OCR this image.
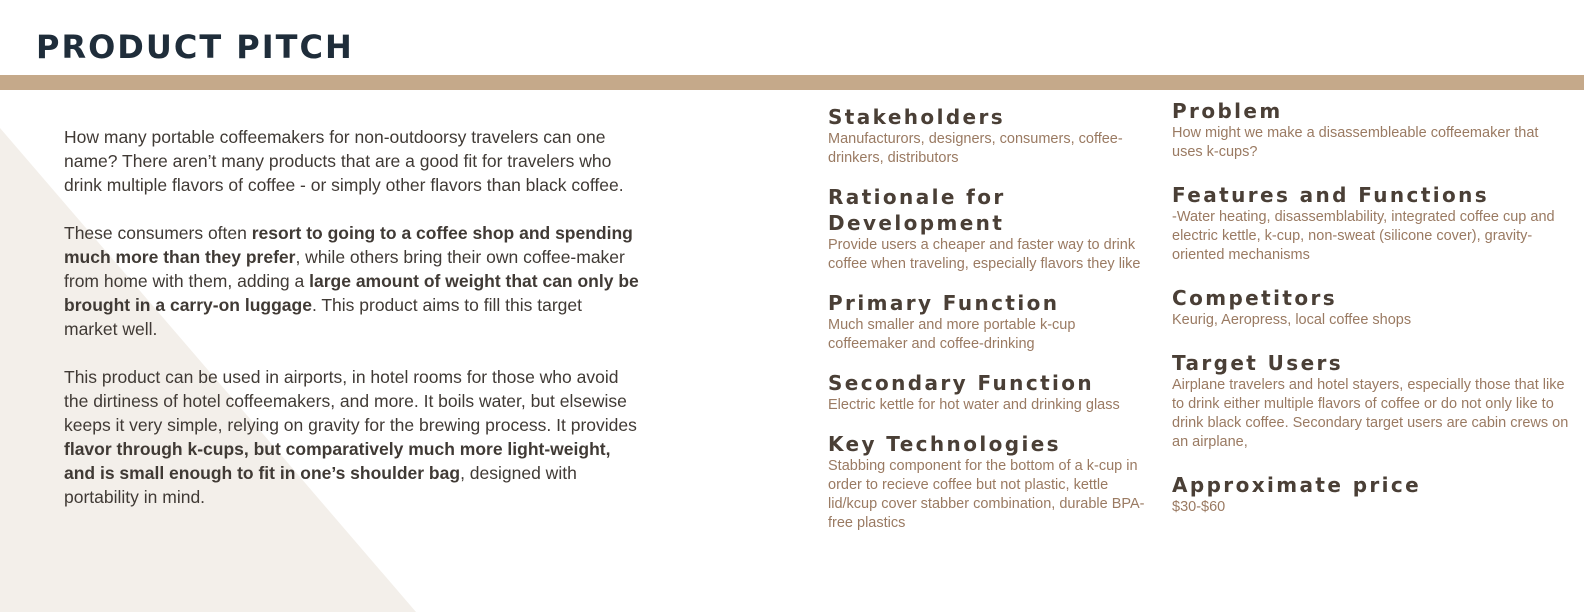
PRODUCT PITCH

How many portable coffeemakers for non-outdoorsy travelers can one name? There aren’t many products that are a good fit for travelers who drink multiple flavors of coffee - or simply other flavors than black coffee.

These consumers often resort to going to a coffee shop and spending much more than they prefer, while others bring their own coffee-maker from home with them, adding a large amount of weight that can only be brought in a carry-on luggage. This product aims to fill this target market well.

This product can be used in airports, in hotel rooms for those who avoid the dirtiness of hotel coffeemakers, and more. It boils water, but elsewise keeps it very simple, relying on gravity for the brewing process. It provides flavor through k-cups, but comparatively much more light-weight, and is small enough to fit in one’s shoulder bag, designed with portability in mind.

Stakeholders

Manufacturors, designers, consumers, coffee-drinkers, distributors

Rationale for Development

Provide users a cheaper and faster way to drink coffee when traveling, especially flavors they like

Primary Function

Much smaller and more portable k-cup coffeemaker and coffee-drinking

Secondary Function

Electric kettle for hot water and drinking glass

Key Technologies

Stabbing component for the bottom of a k-cup in order to recieve coffee but not plastic, kettle lid/kcup cover stabber combination, durable BPA-free plastics

Problem

How might we make a disassembleable coffeemaker that uses k-cups?

Features and Functions

-Water heating, disassemblability, integrated coffee cup and electric kettle, k-cup, non-sweat (silicone cover), gravity-oriented mechanisms

Competitors

Keurig, Aeropress, local coffee shops

Target Users

Airplane travelers and hotel stayers, especially those that like to drink either multiple flavors of coffee or do not only like to drink black coffee. Secondary target users are cabin crews on an airplane,

Approximate price

$30-$60
